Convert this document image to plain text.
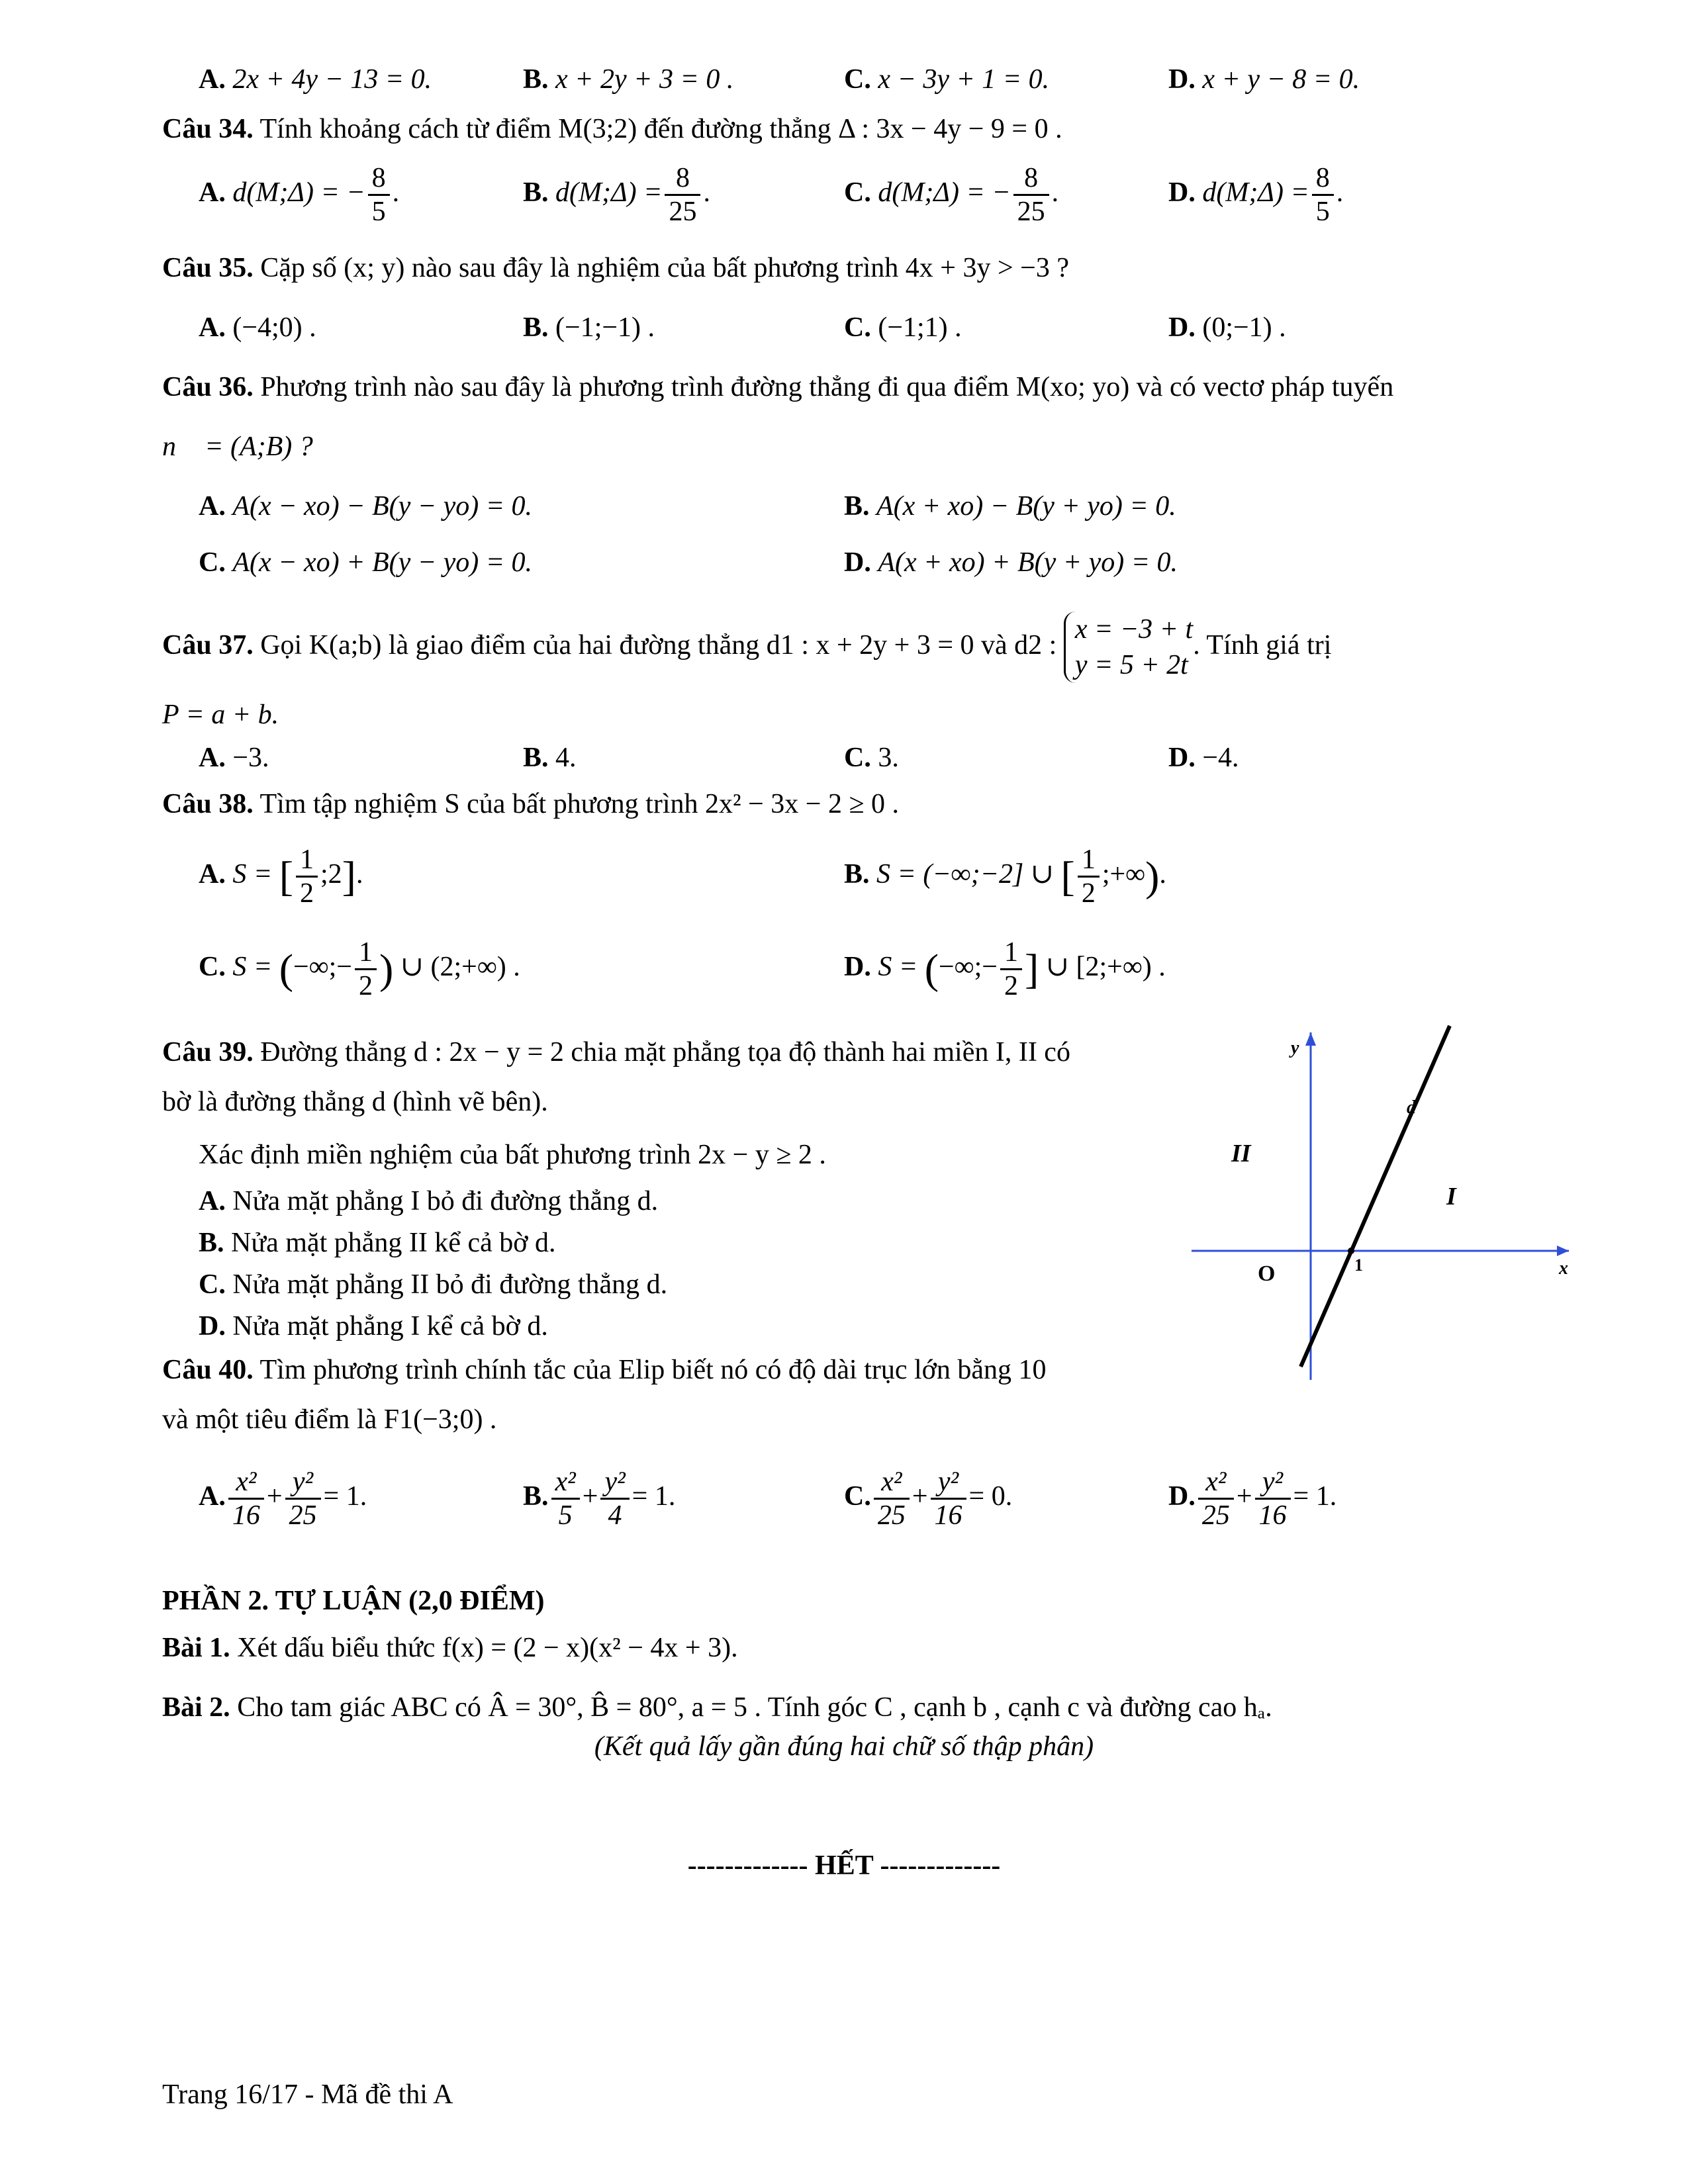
A. 2x + 4y − 13 = 0.	B. x + 2y + 3 = 0 .	C. x − 3y + 1 = 0.	D. x + y − 8 = 0.
Câu 34. Tính khoảng cách từ điểm M(3;2) đến đường thẳng Δ : 3x − 4y − 9 = 0 .
A. d(M;Δ) = − $\frac{8}{5}$ .	B. d(M;Δ) = $\frac{8}{25}$ .	C. d(M;Δ) = − $\frac{8}{25}$ .	D. d(M;Δ) = $\frac{8}{5}$ .
Câu 35. Cặp số (x; y) nào sau đây là nghiệm của bất phương trình 4x + 3y > −3 ?
A. (−4;0) .	B. (−1;−1) .	C. (−1;1) .	D. (0;−1) .
Câu 36. Phương trình nào sau đây là phương trình đường thẳng đi qua điểm M(xo; yo) và có vectơ pháp tuyến
n⃗ = (A;B) ?
A. A(x − xo) − B(y − yo) = 0.	B. A(x + xo) − B(y + yo) = 0.
C. A(x − xo) + B(y − yo) = 0.	D. A(x + xo) + B(y + yo) = 0.
Câu 37. Gọi K(a;b) là giao điểm của hai đường thẳng d1 : x + 2y + 3 = 0 và d2 :
x = −3 + t
y = 5 + 2t
. Tính giá trị
P = a + b.
A. −3.	B. 4.	C. 3.	D. −4.
Câu 38. Tìm tập nghiệm S của bất phương trình 2x² − 3x − 2 ≥ 0 .
A. S = [ $\frac{1}{2}$ ;2].	B. S = (−∞;−2] ∪ [ $\frac{1}{2}$ ;+∞).
C. S = (−∞;− $\frac{1}{2}$ ) ∪ (2;+∞) .	D. S = (−∞;− $\frac{1}{2}$ ] ∪ [2;+∞) .
Câu 39. Đường thẳng d : 2x − y = 2 chia mặt phẳng tọa độ thành hai miền I, II có
bờ là đường thẳng d (hình vẽ bên).
Xác định miền nghiệm của bất phương trình 2x − y ≥ 2 .
A. Nửa mặt phẳng I bỏ đi đường thẳng d.
B. Nửa mặt phẳng II kể cả bờ d.
C. Nửa mặt phẳng II bỏ đi đường thẳng d.
D. Nửa mặt phẳng I kể cả bờ d.
y
x
d
I
II
O	1
Câu 40. Tìm phương trình chính tắc của Elip biết nó có độ dài trục lớn bằng 10
và một tiêu điểm là F1(−3;0) .
A. $\frac{\text{x²}}{16} + \frac{\text{y²}}{25} = 1$.	B. $\frac{\text{x²}}{5} + \frac{\text{y²}}{4} = 1$.	C. $\frac{\text{x²}}{25} + \frac{\text{y²}}{16} = 0$.	D. $\frac{\text{x²}}{25} + \frac{\text{y²}}{16} = 1$.
PHẦN 2. TỰ LUẬN (2,0 ĐIỂM)
Bài 1. Xét dấu biểu thức f(x) = (2 − x)(x² − 4x + 3).
Bài 2. Cho tam giác ABC có Â = 30°, B̂ = 80°, a = 5 . Tính góc C , cạnh b , cạnh c và đường cao hₐ.
(Kết quả lấy gần đúng hai chữ số thập phân)
------------- HẾT -------------
Trang 16/17 - Mã đề thi A
